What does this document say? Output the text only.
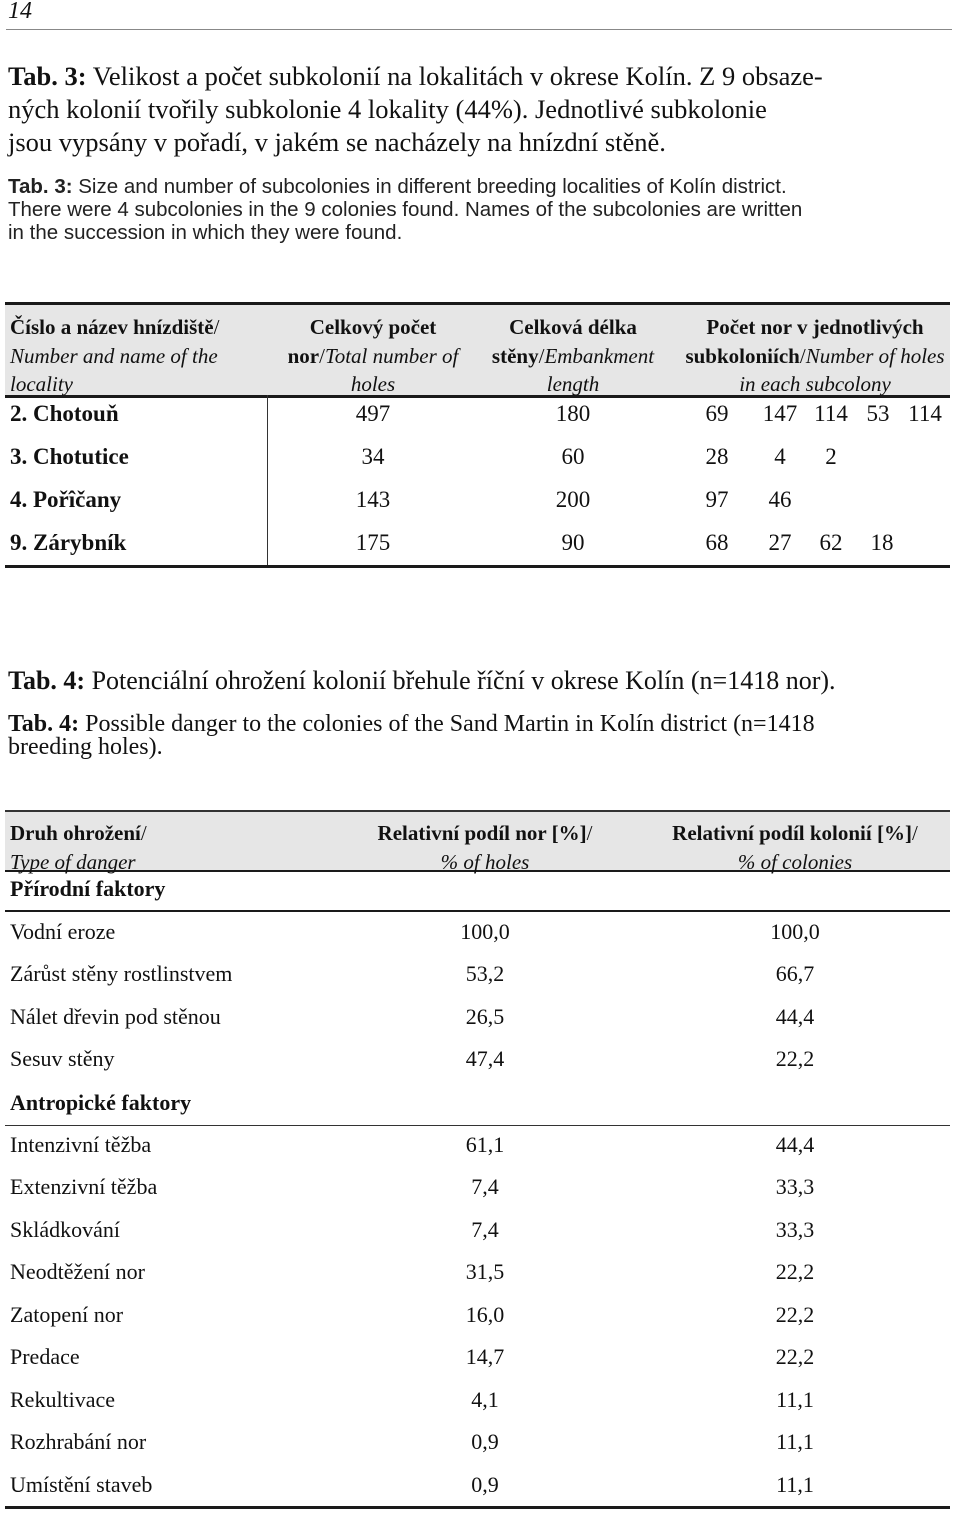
14
Tab. 3: Velikost a počet subkolonií na lokalitách v okrese Kolín. Z 9 obsaze-
ných kolonií tvořily subkolonie 4 lokality (44%). Jednotlivé subkolonie
jsou vypsány v pořadí, v jakém se nacházely na hnízdní stěně.
Tab. 3: Size and number of subcolonies in different breeding localities of Kolín district.
There were 4 subcolonies in the 9 colonies found. Names of the subcolonies are written
in the succession in which they were found.
Číslo a název hnízdiště/
Number and name of the locality
Celkový počet nor/Total number of holes
Celková délka stěny/Embankment length
Počet nor v jednotlivých subkoloniích/Number of holes in each subcolony
2. Chotouň	497	180	69	147 114 53 114
3. Chotutice	34	60	28	4	2
4. Pořîčany	143	200	97	46
9. Zárybník	175	90	68	27	62	18
Tab. 4: Potenciální ohrožení kolonií břehule říční v okrese Kolín (n=1418 nor).
Tab. 4: Possible danger to the colonies of the Sand Martin in Kolín district (n=1418
breeding holes).
Druh ohrožení/
Type of danger
Relativní podíl nor [%]/
% of holes
Relativní podíl kolonií [%]/
% of colonies
Přírodní faktory
Vodní eroze	100,0	100,0
Zárůst stěny rostlinstvem	53,2	66,7
Nálet dřevin pod stěnou	26,5	44,4
Sesuv stěny	47,4	22,2
Antropické faktory
Intenzivní těžba	61,1	44,4
Extenzivní těžba	7,4	33,3
Skládkování	7,4	33,3
Neodtěžení nor	31,5	22,2
Zatopení nor	16,0	22,2
Predace	14,7	22,2
Rekultivace	4,1	11,1
Rozhrabání nor	0,9	11,1
Umístění staveb	0,9	11,1
